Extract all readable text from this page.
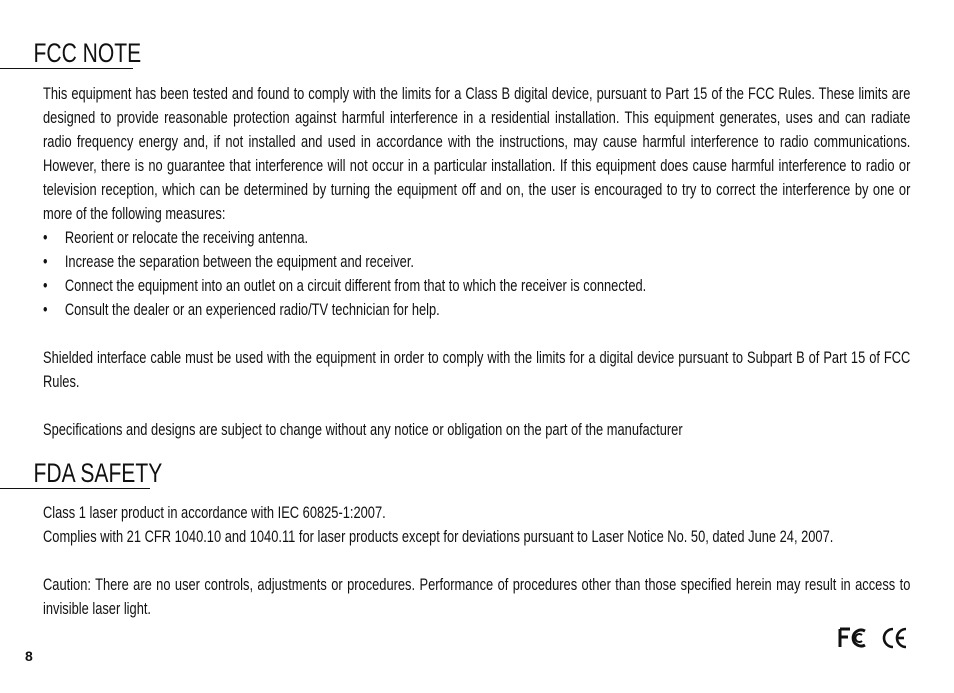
FCC NOTE

This equipment has been tested and found to comply with the limits for a Class B digital device, pursuant to Part 15 of the FCC Rules. These limits are designed to provide reasonable protection against harmful interference in a residential installation. This equipment generates, uses and can radiate radio frequency energy and, if not installed and used in accordance with the instructions, may cause harmful interference to radio communications. However, there is no guarantee that interference will not occur in a particular installation. If this equipment does cause harmful interference to radio or television reception, which can be determined by turning the equipment off and on, the user is encouraged to try to correct the interference by one or more of the following measures:

• Reorient or relocate the receiving antenna.
• Increase the separation between the equipment and receiver.
• Connect the equipment into an outlet on a circuit different from that to which the receiver is connected.
• Consult the dealer or an experienced radio/TV technician for help.

Shielded interface cable must be used with the equipment in order to comply with the limits for a digital device pursuant to Subpart B of Part 15 of FCC Rules.

Specifications and designs are subject to change without any notice or obligation on the part of the manufacturer

FDA SAFETY

Class 1 laser product in accordance with IEC 60825-1:2007.

Complies with 21 CFR 1040.10 and 1040.11 for laser products except for deviations pursuant to Laser Notice No. 50, dated June 24, 2007.

Caution: There are no user controls, adjustments or procedures. Performance of procedures other than those specified herein may result in access to invisible laser light.

8
